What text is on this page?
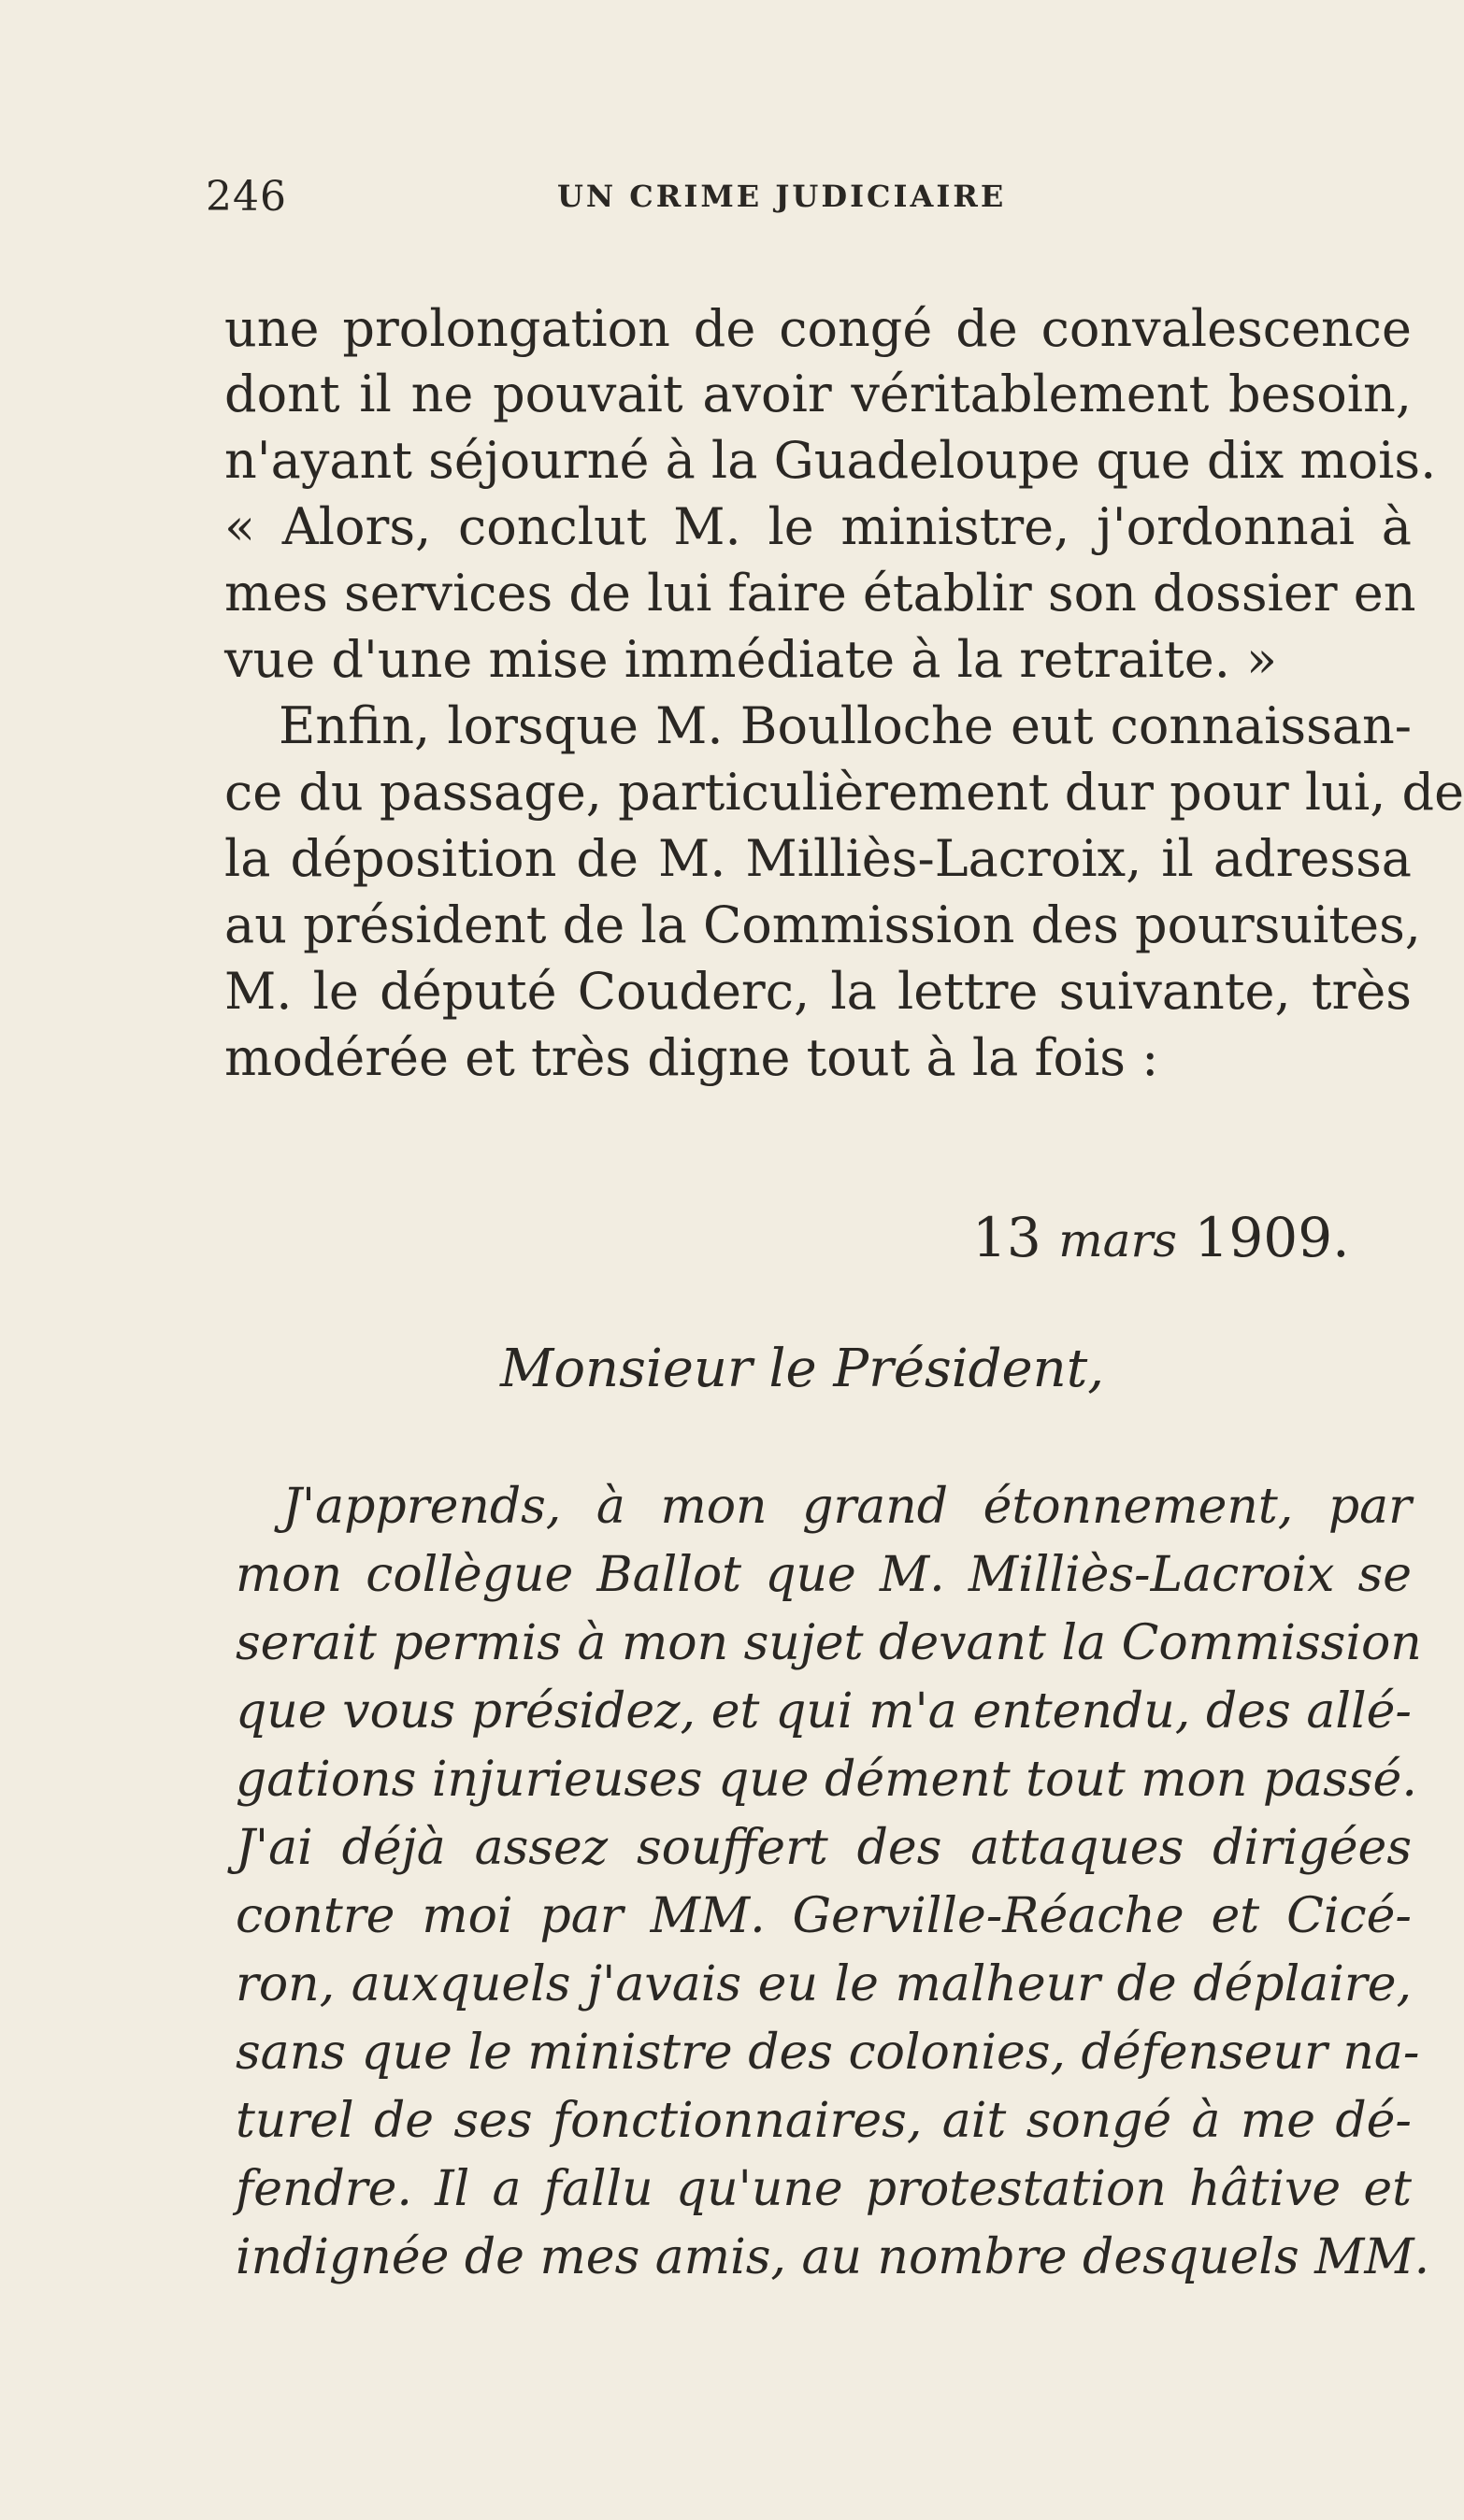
246	UN CRIME JUDICIAIRE
une prolongation de congé de convalescence
dont il ne pouvait avoir véritablement besoin,
n'ayant séjourné à la Guadeloupe que dix mois.
« Alors, conclut M. le ministre, j'ordonnai à
mes services de lui faire établir son dossier en
vue d'une mise immédiate à la retraite. »
Enfin, lorsque M. Boulloche eut connaissan-
ce du passage, particulièrement dur pour lui, de
la déposition de M. Milliès-Lacroix, il adressa
au président de la Commission des poursuites,
M. le député Couderc, la lettre suivante, très
modérée et très digne tout à la fois :
13 mars 1909.
Monsieur le Président,
J'apprends, à mon grand étonnement, par
mon collègue Ballot que M. Milliès-Lacroix se
serait permis à mon sujet devant la Commission
que vous présidez, et qui m'a entendu, des allé-
gations injurieuses que dément tout mon passé.
J'ai déjà assez souffert des attaques dirigées
contre moi par MM. Gerville-Réache et Cicé-
ron, auxquels j'avais eu le malheur de déplaire,
sans que le ministre des colonies, défenseur na-
turel de ses fonctionnaires, ait songé à me dé-
fendre. Il a fallu qu'une protestation hâtive et
indignée de mes amis, au nombre desquels MM.
